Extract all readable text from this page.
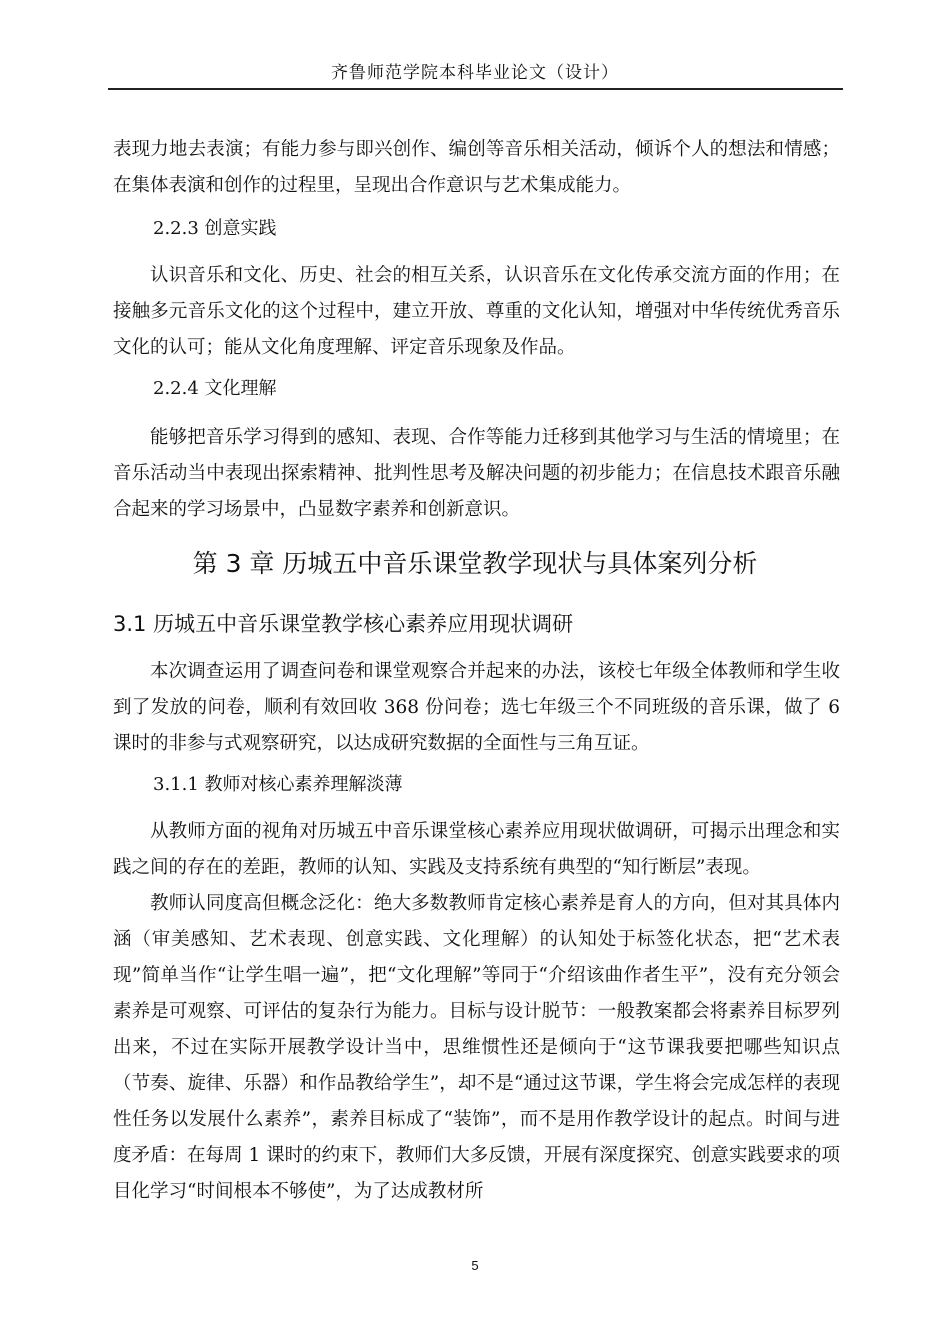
齐鲁师范学院本科毕业论文（设计）

表现力地去表演；有能力参与即兴创作、编创等音乐相关活动，倾诉个人的想法和情感；在集体表演和创作的过程里，呈现出合作意识与艺术集成能力。

2.2.3 创意实践

认识音乐和文化、历史、社会的相互关系，认识音乐在文化传承交流方面的作用；在接触多元音乐文化的这个过程中，建立开放、尊重的文化认知，增强对中华传统优秀音乐文化的认可；能从文化角度理解、评定音乐现象及作品。

2.2.4 文化理解

能够把音乐学习得到的感知、表现、合作等能力迁移到其他学习与生活的情境里；在音乐活动当中表现出探索精神、批判性思考及解决问题的初步能力；在信息技术跟音乐融合起来的学习场景中，凸显数字素养和创新意识。

第 3 章 历城五中音乐课堂教学现状与具体案列分析
3.1 历城五中音乐课堂教学核心素养应用现状调研

本次调查运用了调查问卷和课堂观察合并起来的办法，该校七年级全体教师和学生收到了发放的问卷，顺利有效回收 368 份问卷；选七年级三个不同班级的音乐课，做了 6 课时的非参与式观察研究，以达成研究数据的全面性与三角互证。

3.1.1 教师对核心素养理解淡薄

从教师方面的视角对历城五中音乐课堂核心素养应用现状做调研，可揭示出理念和实践之间的存在的差距，教师的认知、实践及支持系统有典型的“知行断层”表现。

教师认同度高但概念泛化：绝大多数教师肯定核心素养是育人的方向，但对其具体内涵（审美感知、艺术表现、创意实践、文化理解）的认知处于标签化状态，把“艺术表现”简单当作“让学生唱一遍”，把“文化理解”等同于“介绍该曲作者生平”，没有充分领会素养是可观察、可评估的复杂行为能力。目标与设计脱节：一般教案都会将素养目标罗列出来，不过在实际开展教学设计当中，思维惯性还是倾向于“这节课我要把哪些知识点（节奏、旋律、乐器）和作品教给学生”，却不是“通过这节课，学生将会完成怎样的表现性任务以发展什么素养”，素养目标成了“装饰”，而不是用作教学设计的起点。时间与进度矛盾：在每周 1 课时的约束下，教师们大多反馈，开展有深度探究、创意实践要求的项目化学习“时间根本不够使”，为了达成教材所

5
